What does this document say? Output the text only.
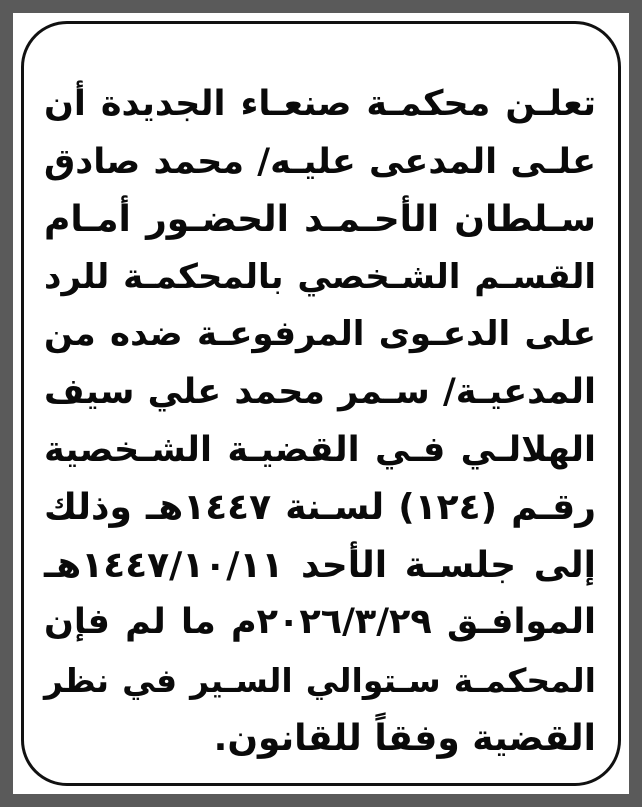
تعلـن محكمـة صنعـاء الجديدة أن
علـى المدعى عليـه/ محمد صادق
سـلطان الأحـمـد الحضـور أمـام
القسـم الشـخصي بالمحكمـة للرد
على الدعـوى المرفوعـة ضده من
المدعيـة/ سـمر محمد علي سيف
الهلالـي فـي القضيـة الشـخصية
رقـم (١٢٤) لسـنة ١٤٤٧هـ وذلك
إلى جلسـة الأحد ١٤٤٧/١٠/١١هـ
الموافـق ٢٠٢٦/٣/٢٩م ما لم فإن
المحكمـة سـتوالي السـير في نظر
القضية وفقاً للقانون.
